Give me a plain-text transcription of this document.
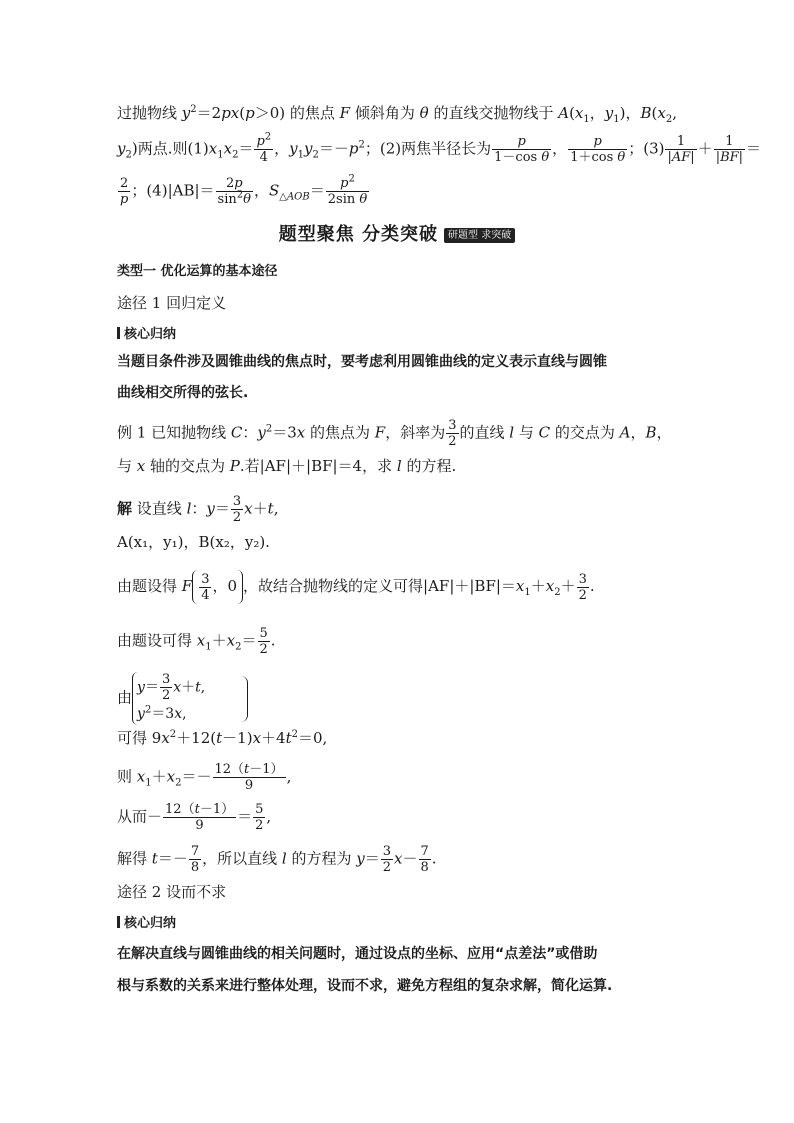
过抛物线 $y^2=2px(p>0)$ 的焦点 F 倾斜角为 θ 的直线交抛物线于 $A(x_1$，$y_1$)，$B(x_2$,
$y_2$)两点.则$(1)x_1x_2= \frac{p^2}{4}$ ，$y_1y_2=-p^2$；(2)两焦半径长为 $\frac{p}{\text{1－cos θ}}$ ， $\frac{p}{\text{1＋cos θ}}$ ；$(3) \frac{1}{|AF|} + \frac{1}{|BF|}$ ＝
$\frac{2}{p}$ ；$(4)|AB|= \frac{2p}{\sin^2\theta}$ ，$S_{\triangle AOB}= \frac{p^2}{\text{2sin θ}}$
题型聚焦 分类突破 研题型 求突破
类型一 优化运算的基本途径
途径 1 回归定义
核心归纳
当题目条件涉及圆锥曲线的焦点时，要考虑利用圆锥曲线的定义表示直线与圆锥
曲线相交所得的弦长.
例 1 已知抛物线 C：$y^2=3x$ 的焦点为 F，斜率为 $\frac{3}{2}$ 的直线 l 与 C 的交点为 A，B，
与 x 轴的交点为 P.若|AF|＋|BF|＝4，求 l 的方程.
解 设直线 l：$y= \frac{3}{2} x+t$,
A(x₁，y₁)，B(x₂，y₂).
由题设得 F $\frac{3}{4}$ ，0 ，故结合抛物线的定义可得$|AF|+|BF|=x_1+x_2+ \frac{3}{2}$ .
由题设可得 $x_1+x_2= \frac{5}{2}$ .
由
$y= \frac{3}{2} x+t$,
$y^2=3x$,
可得 $9x^2+12(t-1)x+4t^2=0$,
则 $x_1+x_2=- \frac{12(t-1)}{9}$ ,
从而－ $\frac{12(t-1)}{9} = \frac{5}{2}$ ,
解得 $t=- \frac{7}{8}$ ，所以直线 l 的方程为 $y= \frac{3}{2} x- \frac{7}{8}$ .
途径 2 设而不求
核心归纳
在解决直线与圆锥曲线的相关问题时，通过设点的坐标、应用“点差法”或借助
根与系数的关系来进行整体处理，设而不求，避免方程组的复杂求解，简化运算.
